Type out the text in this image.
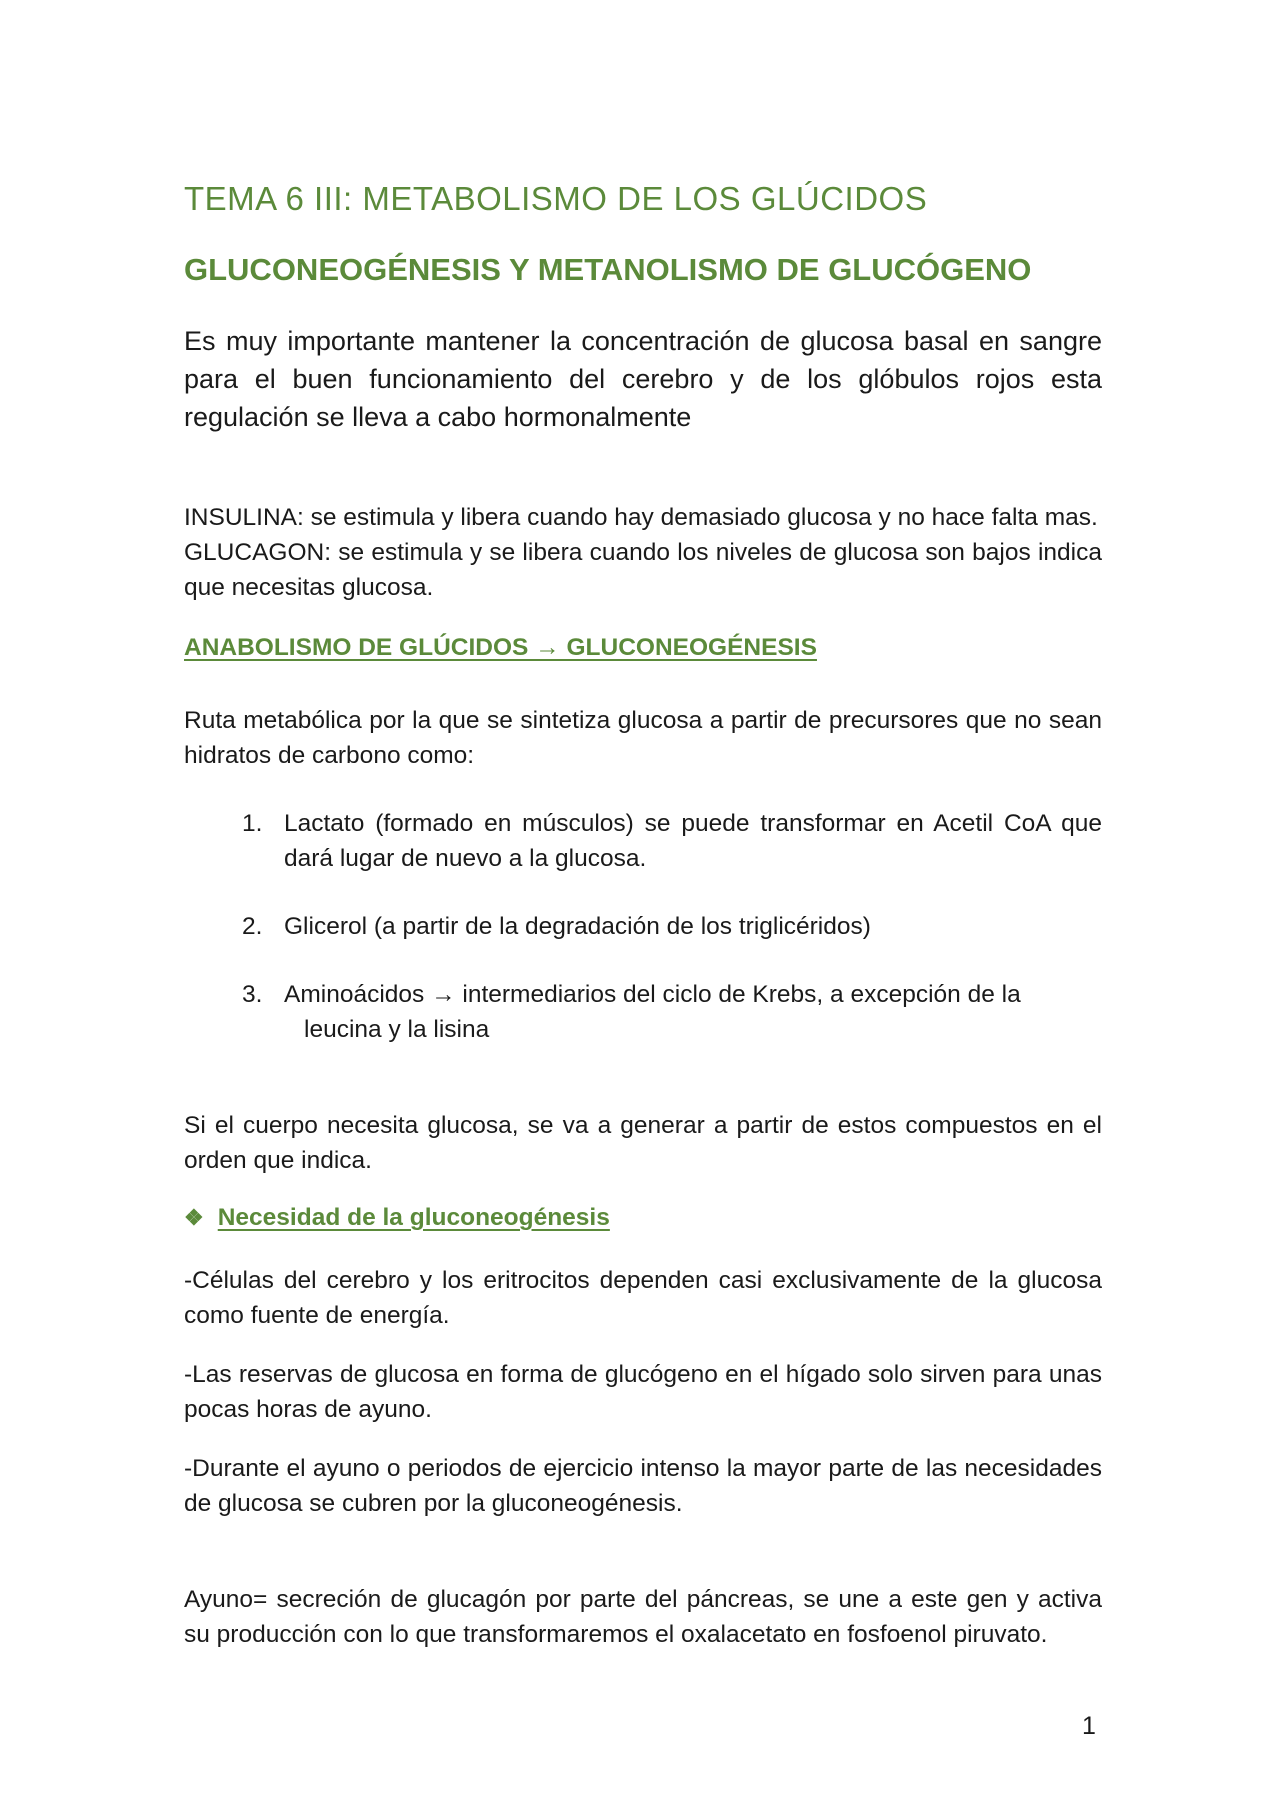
TEMA 6 III: METABOLISMO DE LOS GLÚCIDOS
GLUCONEOGÉNESIS Y METANOLISMO DE GLUCÓGENO
Es muy importante mantener la concentración de glucosa basal en sangre para el buen funcionamiento del cerebro y de los glóbulos rojos esta regulación se lleva a cabo hormonalmente
INSULINA: se estimula y libera cuando hay demasiado glucosa y no hace falta mas.
GLUCAGON: se estimula y se libera cuando los niveles de glucosa son bajos indica que necesitas glucosa.
ANABOLISMO DE GLÚCIDOS → GLUCONEOGÉNESIS
Ruta metabólica por la que se sintetiza glucosa a partir de precursores que no sean hidratos de carbono como:
1. Lactato (formado en músculos) se puede transformar en Acetil CoA que dará lugar de nuevo a la glucosa.
2. Glicerol (a partir de la degradación de los triglicéridos)
3. Aminoácidos → intermediarios del ciclo de Krebs, a excepción de la
leucina y la lisina
Si el cuerpo necesita glucosa, se va a generar a partir de estos compuestos en el orden que indica.
❖ Necesidad de la gluconeogénesis
-Células del cerebro y los eritrocitos dependen casi exclusivamente de la glucosa como fuente de energía.
-Las reservas de glucosa en forma de glucógeno en el hígado solo sirven para unas pocas horas de ayuno.
-Durante el ayuno o periodos de ejercicio intenso la mayor parte de las necesidades de glucosa se cubren por la gluconeogénesis.
Ayuno= secreción de glucagón por parte del páncreas, se une a este gen y activa su producción con lo que transformaremos el oxalacetato en fosfoenol piruvato.
1
